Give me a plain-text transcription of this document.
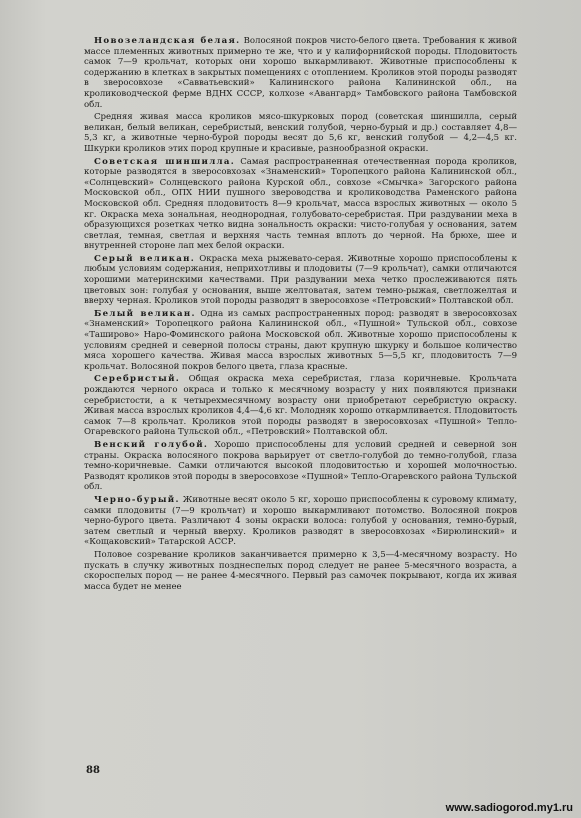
Новозеландская белая. Волосяной покров чисто-белого цвета. Требования к живой массе племенных животных примерно те же, что и у калифорнийской породы. Плодовитость самок 7—9 крольчат, которых они хорошо выкармливают. Животные приспособлены к содержанию в клетках в закрытых помещениях с отоплением. Кроликов этой породы разводят в зверосовхозе «Савватьевский» Калининского района Калининской обл., на кролиководческой ферме ВДНХ СССР, колхозе «Авангард» Тамбовского района Тамбовской обл.

Средняя живая масса кроликов мясо-шкурковых пород (советская шиншилла, серый великан, белый великан, серебристый, венский голубой, черно-бурый и др.) составляет 4,8—5,3 кг, а животные черно-бурой породы весят до 5,6 кг, венский голубой — 4,2—4,5 кг. Шкурки кроликов этих пород крупные и красивые, разнообразной окраски.

Советская шиншилла. Самая распространенная отечественная порода кроликов, которые разводятся в зверосовхозах «Знаменский» Торопецкого района Калининской обл., «Солнцевский» Солнцевского района Курской обл., совхозе «Смычка» Загорского района Московской обл., ОПХ НИИ пушного звероводства и кролиководства Раменского района Московской обл. Средняя плодовитость 8—9 крольчат, масса взрослых животных — около 5 кг. Окраска меха зональная, неоднородная, голубовато-серебристая. При раздувании меха в образующихся розетках четко видна зональность окраски: чисто-голубая у основания, затем светлая, темная, светлая и верхняя часть темная вплоть до черной. На брюхе, шее и внутренней стороне лап мех белой окраски.

Серый великан. Окраска меха рыжевато-серая. Животные хорошо приспособлены к любым условиям содержания, неприхотливы и плодовиты (7—9 крольчат), самки отличаются хорошими материнскими качествами. При раздувании меха четко прослеживаются пять цветовых зон: голубая у основания, выше желтоватая, затем темно-рыжая, светложелтая и вверху черная. Кроликов этой породы разводят в зверосовхозе «Петровский» Полтавской обл.

Белый великан. Одна из самых распространенных пород: разводят в зверосовхозах «Знаменский» Торопецкого района Калининской обл., «Пушной» Тульской обл., совхозе «Таширово» Наро-Фоминского района Московской обл. Животные хорошо приспособлены к условиям средней и северной полосы страны, дают крупную шкурку и большое количество мяса хорошего качества. Живая масса взрослых животных 5—5,5 кг, плодовитость 7—9 крольчат. Волосяной покров белого цвета, глаза красные.

Серебристый. Общая окраска меха серебристая, глаза коричневые. Крольчата рождаются черного окраса и только к месячному возрасту у них появляются признаки серебристости, а к четырехмесячному возрасту они приобретают серебристую окраску. Живая масса взрослых кроликов 4,4—4,6 кг. Молодняк хорошо откармливается. Плодовитость самок 7—8 крольчат. Кроликов этой породы разводят в зверосовхозах «Пушной» Тепло-Огаревского района Тульской обл., «Петровский» Полтавской обл.

Венский голубой. Хорошо приспособлены для условий средней и северной зон страны. Окраска волосяного покрова варьирует от светло-голубой до темно-голубой, глаза темно-коричневые. Самки отличаются высокой плодовитостью и хорошей молочностью. Разводят кроликов этой породы в зверосовхозе «Пушной» Тепло-Огаревского района Тульской обл.

Черно-бурый. Животные весят около 5 кг, хорошо приспособлены к суровому климату, самки плодовиты (7—9 крольчат) и хорошо выкармливают потомство. Волосяной покров черно-бурого цвета. Различают 4 зоны окраски волоса: голубой у основания, темно-бурый, затем светлый и черный вверху. Кроликов разводят в зверосовхозах «Бирюлинский» и «Кощаковский» Татарской АССР.

Половое созревание кроликов заканчивается примерно к 3,5—4-месячному возрасту. Но пускать в случку животных позднеспелых пород следует не ранее 5-месячного возраста, а скороспелых пород — не ранее 4-месячного. Первый раз самочек покрывают, когда их живая масса будет не менее

88
www.sadiogorod.my1.ru
